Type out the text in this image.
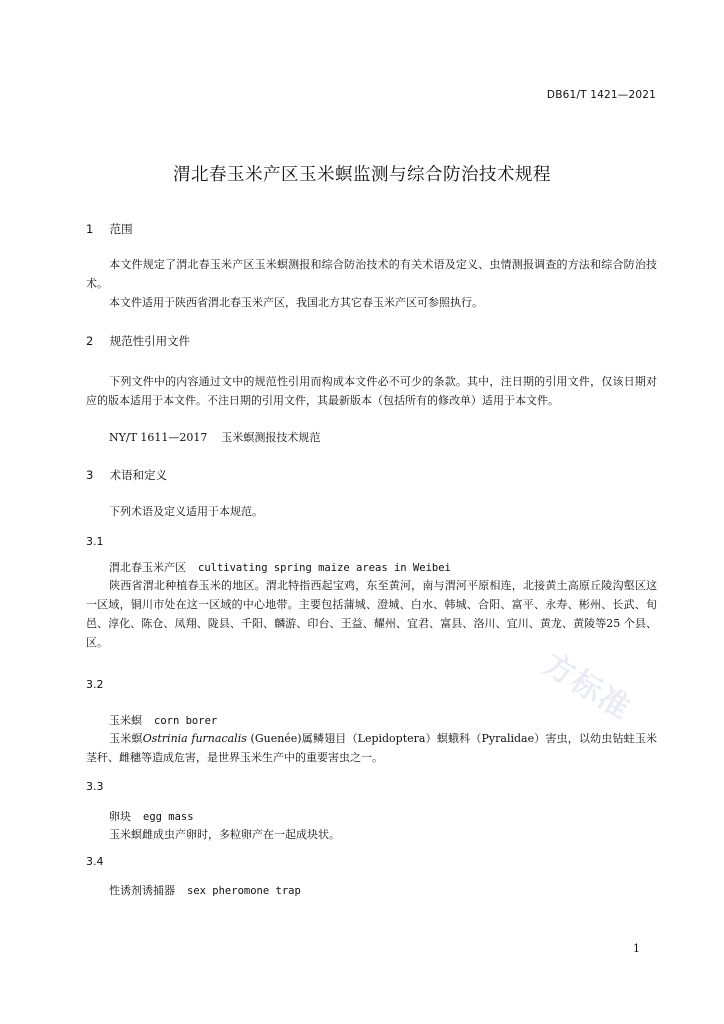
方标准
DB61/T 1421—2021
渭北春玉米产区玉米螟监测与综合防治技术规程
1 范围
本文件规定了渭北春玉米产区玉米螟测报和综合防治技术的有关术语及定义、虫情测报调查的方法和综合防治技术。
本文件适用于陕西省渭北春玉米产区，我国北方其它春玉米产区可参照执行。
2 规范性引用文件
下列文件中的内容通过文中的规范性引用而构成本文件必不可少的条款。其中，注日期的引用文件，仅该日期对应的版本适用于本文件。不注日期的引用文件，其最新版本（包括所有的修改单）适用于本文件。
NY/T 1611—2017 玉米螟测报技术规范
3 术语和定义
下列术语及定义适用于本规范。
3.1
渭北春玉米产区 cultivating spring maize areas in Weibei
陕西省渭北种植春玉米的地区。渭北特指西起宝鸡，东至黄河，南与渭河平原相连，北接黄土高原丘陵沟壑区这一区域，铜川市处在这一区域的中心地带。主要包括蒲城、澄城、白水、韩城、合阳、富平、永寿、彬州、长武、旬邑、淳化、陈仓、凤翔、陇县、千阳、麟游、印台、王益、耀州、宜君、富县、洛川、宜川、黄龙、黄陵等25 个县、区。
3.2
玉米螟 corn borer
玉米螟Ostrinia furnacalis (Guenée)属鳞翅目（Lepidoptera）螟蛾科（Pyralidae）害虫，以幼虫钻蛀玉米茎秆、雌穗等造成危害，是世界玉米生产中的重要害虫之一。
3.3
卵块 egg mass
玉米螟雌成虫产卵时，多粒卵产在一起成块状。
3.4
性诱剂诱捕器 sex pheromone trap
1
